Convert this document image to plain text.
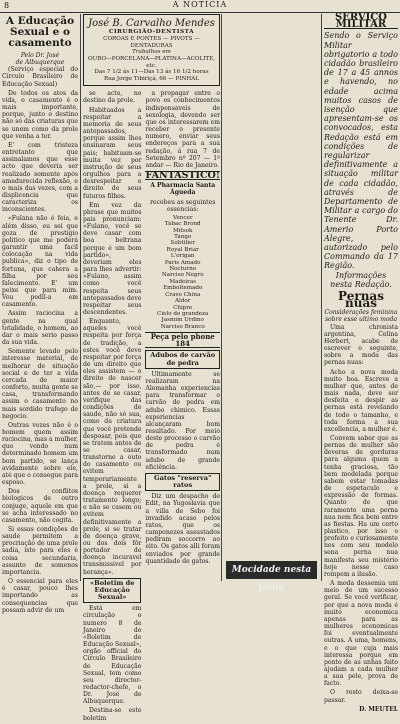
8	A NOTÍCIA
A Educação Sexual e o casamento

Pelo Dr. José

de Albuquerque

(Serviço especial do Círculo Brasileiro de Educação Sexual)

De todos os atos da vida, o casamento é o mais importante, porque, junto o destino não só das criaturas que se unem como da prole que venha a ter.

E' com tristeza entretanto que assinalamos que esse acto que deveria ser realizado somente após amadurecida reflexão, e o mais das vezes, com a displicencia que caracteriza os inconscientes.

«Fulana não é feia, e além disso, eu sei que goza de prestigio politico que me poderá garantir uma facil colocação na vida publica», diz o tipo de fortuna, que cahera a filha por seu falecimento. E' um peixe que para mim. Vou pedil-a em casamento.

Assim raciocina a gente na qual totalidade, o homem, ao dar o mais serio passo da sua vida.

Somente levado pelo interesse material, de melhorar de situação social e de ter a vida cercada de maior conforto, muita gente se casa, transformando assim o casamento no mais sordido trafego de negocio.

Outras vezes não é o homem quem assim raciocina, mas a mulher, que vendo num determinado homem um bom partido, se lança avidamente sobre ele, até que o consegue para esposo.

Dos conflitos biologicos de outro conjuge, aquele em que se acha interessado no casamento, não cogita.

Si essas condições de saude permitem a procriação de uma prole sadia, isto para eles é coisa secundaria, assunto de somenos importancia.

O essencial para eles é casar, pouco lhes importando as consequencias que possam advir de um

José B. Carvalho Mendes
CIRURGIÃO-DENTISTA
COROAS E PONTES — PIVOTS — DENTADURAS
Trabalhos em
OURO—PORCELANA—PLATINA—ACOLITE, etc.
Das 7 1/2 ás 11—Das 13 ás 16 1/2 horas
Rua Jorge Tibiriçá, 66 — PINHAL

se acto, no destino da prole.

Habituados a respeitar a memoria de seus antepassados, porque assim lhes ensinaram seus pais; habituam-se muita vez por instrução de seus orgulhos para a desrespeitar o direito de seus futuros filhos.

Em vez da phrase que muitos pais pronunciam: «Fulano, você se deve casar com boa beltrana porque é um bom partido», deveriam eles para lhes advertir: «Fulano, assim como você respeita seus antepassados deve respeitar seus descendentes.

Enquanto, aqueles você respeita por força de tradição, a estes você deve respeitar por força de um direito que eles assistem — o direito de nascer são,— por isso, antes de se casar, verifique das condições de saude, não só sua, como da criatura que você pretende desposar, pois que se tratem antes de se casar, transtorne a outo do casamento ou evitem temporariamente a prole, si a doença requerer tratamento longo; e não se casem ou evitem definitivamente a prole, si se tratar de doença grave, ou dos dois fôr portador de doença incuravel transmissivel por herança».

«Boletim de Educação Sexual»

Está em circulação o numero 8 de Janeiro do «Boletim de Educação Sexual», orgão official do Círculo Brasileiro de Educação Sexual, tem como seu director-redactor-chefe, o Dr. José de Albuquerque.

Destina-se este boletim

a propagar entre o povo os conhecimentos indispensaveis de sexologia, devendo ser que os interessarem em receber o presente numero, enviar seus endereços para a sua redação, á rua 7 de Setembro nº 207 — 1º andar — Rio de Janeiro.

FANTASTICO!

A Pharmacia Santa Águeda

recebeu as seguintes essencias:

Vencer
Tabac Brond
Mitsok
Tango
Subtilier
Royal Briar
L'origan
Paris Amado
Nocturno
Narciso Negro
Madeiras
Emboltemado
Cravo China
Aldor
Chipre
Cielo de grandeza
Jasmim Urdino
Narciso Branco
Peça pelo phone 184
Adubos de carvão de pedra

Ultimamente se realizaram na Alemanha experiencias para transformar o carvão de pedra em adubo chimico. Essas experiencias alcançaram bom resultado. Por meio deste processo o carvão de pedra é transformado num adubo de grande eficiência.

Gatos "reserva" ratos

Diz um despacho de Edit, na Yugoslavia que a villa de Sebo foi invadido acaso pelos ratos, que os camponezes assustados pediram soccorro ao eito. Os gatos alli foram enviados por grande quantidade de gatos.

Mocidade nesta folha
SERVIÇO MILITAR
Sendo o Serviço Militar obrigatorio a todo cidadão brasileiro de 17 a 45 annos e havendo, no edade acima muitos casos de isenção que apresentam-se os convocados, esta Redação está em condições de regularizar definitivamente a situação militar de cada cidadão, através de Departamento de Militar a cargo do Tenente Dr. Amerio Porto Alegre, autorizado pelo Commando da 17 Região.
Informações nesta Redação.
Pernas nuas
Considerações feminina sobre esse ultimo moda

Uma chronista argentina, Celina Herbert, acabe de escrever o seguinte, sobre a moda das pernas nuas:

Acho a nova moda muito boa. Escreve a mulher que, antes de mais nada, deve ser desfeita e despir as pernas está revelando de todo o tamanho, e toda forma a sua excellencia, a mulher é.

Convem saber que as pernas de mulher são deveras de gorduras para alguma quem a tenha graciosa, tão bem modelada porque sabem estar tomadas de espetaculo e expressão de formas. Quanto de que raramente uma perna nua nem fica bem entre as fiestas. Ha um certo plastico, por isso o prefeito e curiosamente nos com seu modelo sena perna nua manifesta seu mistério hoje nesse caso rompem a ilusão.

A moda dessemia uni meio de um sucesso geral. Se você verificar, por que a nova moda é muito economica apenas para as mulheres economicas foi eventualmente outras. A uma, homens, e o que cuja mais interessa porque em ponto de as unhas feito ajudam a cada mulher a sua pele, prova de facto.

O resto deixa-se passar.

D. MEUTEL
